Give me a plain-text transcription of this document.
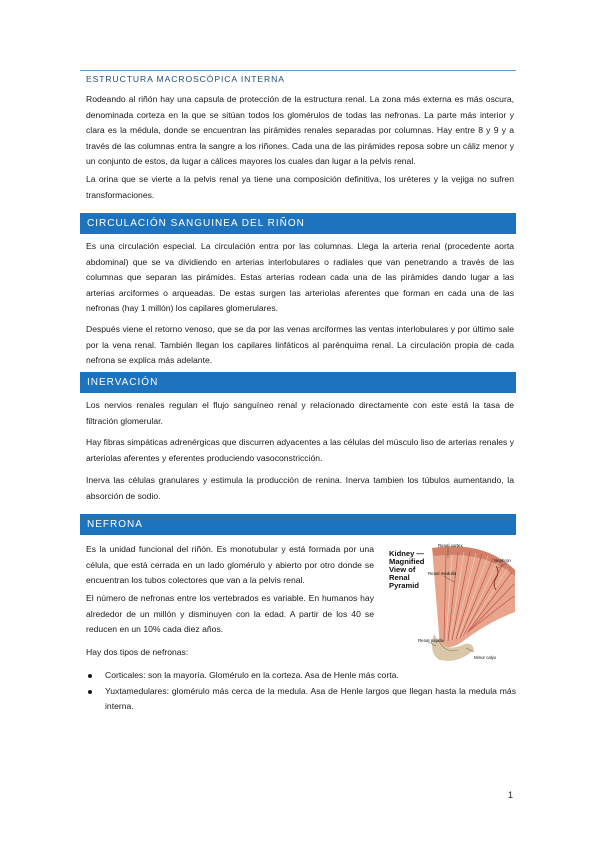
ESTRUCTURA MACROSCÓPICA INTERNA

Rodeando al riñón hay una capsula de protección de la estructura renal. La zona más externa es más oscura, denominada corteza en la que se sitúan todos los glomérulos de todas las nefronas. La parte más interior y clara es la médula, donde se encuentran las pirámides renales separadas por columnas. Hay entre 8 y 9 y a través de las columnas entra la sangre a los riñones. Cada una de las pirámides reposa sobre un cáliz menor y un conjunto de estos, da lugar a cálices mayores los cuales dan lugar a la pelvis renal.

La orina que se vierte a la pelvis renal ya tiene una composición definitiva, los uréteres y la vejiga no sufren transformaciones.

CIRCULACIÓN SANGUINEA DEL RIÑON

Es una circulación especial. La circulación entra por las columnas. Llega la arteria renal (procedente aorta abdominal) que se va dividiendo en arterias interlobulares o radiales que van penetrando a través de las columnas que separan las pirámides. Estas arterias rodean cada una de las pirámides dando lugar a las arterias arciformes o arqueadas. De estas surgen las arteriolas aferentes que forman en cada una de las nefronas (hay 1 millón) los capilares glomerulares.

Después viene el retorno venoso, que se da por las venas arciformes las ventas interlobulares y por último sale por la vena renal. También llegan los capilares linfáticos al parénquima renal. La circulación propia de cada nefrona se explica más adelante.

INERVACIÓN

Los nervios renales regulan el flujo sanguíneo renal y relacionado directamente con este está la tasa de filtración glomerular.

Hay fibras simpáticas adrenérgicas que discurren adyacentes a las células del músculo liso de arterias renales y arteriolas aferentes y eferentes produciendo vasoconstricción.

Inerva las células granulares y estimula la producción de renina. Inerva tambien los túbulos aumentando, la absorción de sodio.

NEFRONA

Es la unidad funcional del riñón. Es monotubular y está formada por una célula, que está cerrada en un lado glomérulo y abierto por otro donde se encuentran los tubos colectores que van a la pelvis renal.

El número de nefronas entre los vertebrados es variable. En humanos hay alrededor de un millón y disminuyen con la edad. A partir de los 40 se reducen en un 10% cada diez años.

Hay dos tipos de nefronas:

Corticales: son la mayoría. Glomérulo en la corteza. Asa de Henle más corta.
Yuxtamedulares: glomérulo más cerca de la medula. Asa de Henle largos que llegan hasta la medula más interna.
Kidney —
Magnified
View of
Renal
Pyramid
Renal cortex
Nephron
Renal medulla
Renal papilla
Minor calyx
1
